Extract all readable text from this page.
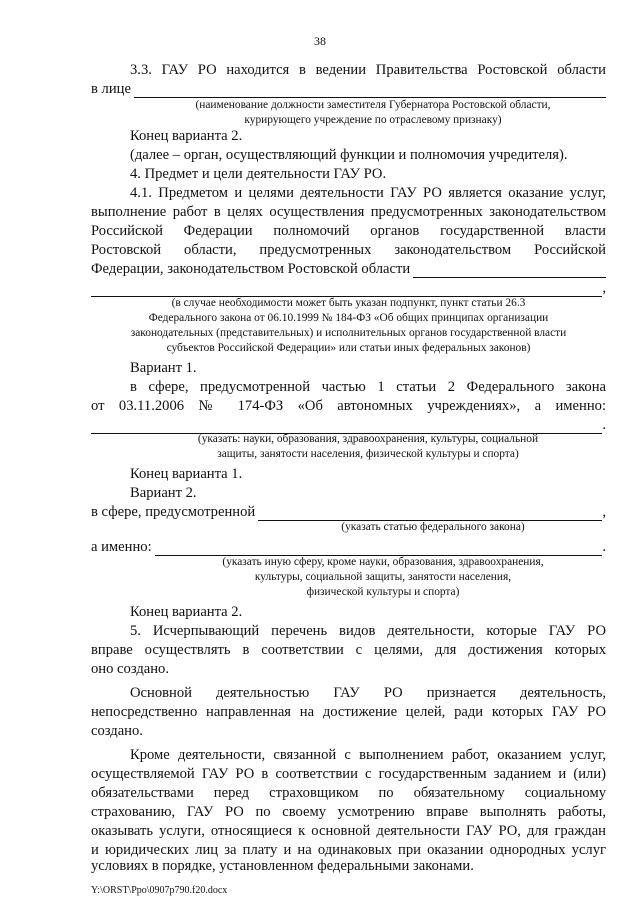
38
3.3. ГАУ РО находится в ведении Правительства Ростовской области
в лице
(наименование должности заместителя Губернатора Ростовской области,
курирующего учреждение по отраслевому признаку)
Конец варианта 2.
(далее – орган, осуществляющий функции и полномочия учредителя).
4. Предмет и цели деятельности ГАУ РО.
4.1. Предметом и целями деятельности ГАУ РО является оказание услуг,
выполнение работ в целях осуществления предусмотренных законодательством
Российской Федерации полномочий органов государственной власти
Ростовской области, предусмотренных законодательством Российской
Федерации, законодательством Ростовской области
,
(в случае необходимости может быть указан подпункт, пункт статьи 26.3
Федерального закона от 06.10.1999 № 184-ФЗ «Об общих принципах организации
законодательных (представительных) и исполнительных органов государственной власти
субъектов Российской Федерации» или статьи иных федеральных законов)
Вариант 1.
в сфере, предусмотренной частью 1 статьи 2 Федерального закона
от 03.11.2006 № 174-ФЗ «Об автономных учреждениях», а именно:
.
(указать: науки, образования, здравоохранения, культуры, социальной
защиты, занятости населения, физической культуры и спорта)
Конец варианта 1.
Вариант 2.
в сфере, предусмотренной	,
(указать статью федерального закона)
а именно:	.
(указать иную сферу, кроме науки, образования, здравоохранения,
культуры, социальной защиты, занятости населения,
физической культуры и спорта)
Конец варианта 2.
5. Исчерпывающий перечень видов деятельности, которые ГАУ РО
вправе осуществлять в соответствии с целями, для достижения которых
оно создано.
Основной деятельностью ГАУ РО признается деятельность,
непосредственно направленная на достижение целей, ради которых ГАУ РО
создано.
Кроме деятельности, связанной с выполнением работ, оказанием услуг,
осуществляемой ГАУ РО в соответствии с государственным заданием и (или)
обязательствами перед страховщиком по обязательному социальному
страхованию, ГАУ РО по своему усмотрению вправе выполнять работы,
оказывать услуги, относящиеся к основной деятельности ГАУ РО, для граждан
и юридических лиц за плату и на одинаковых при оказании однородных услуг
Y:\ORST\Ppo\0907p790.f20.docx
условиях в порядке, установленном федеральными законами.
